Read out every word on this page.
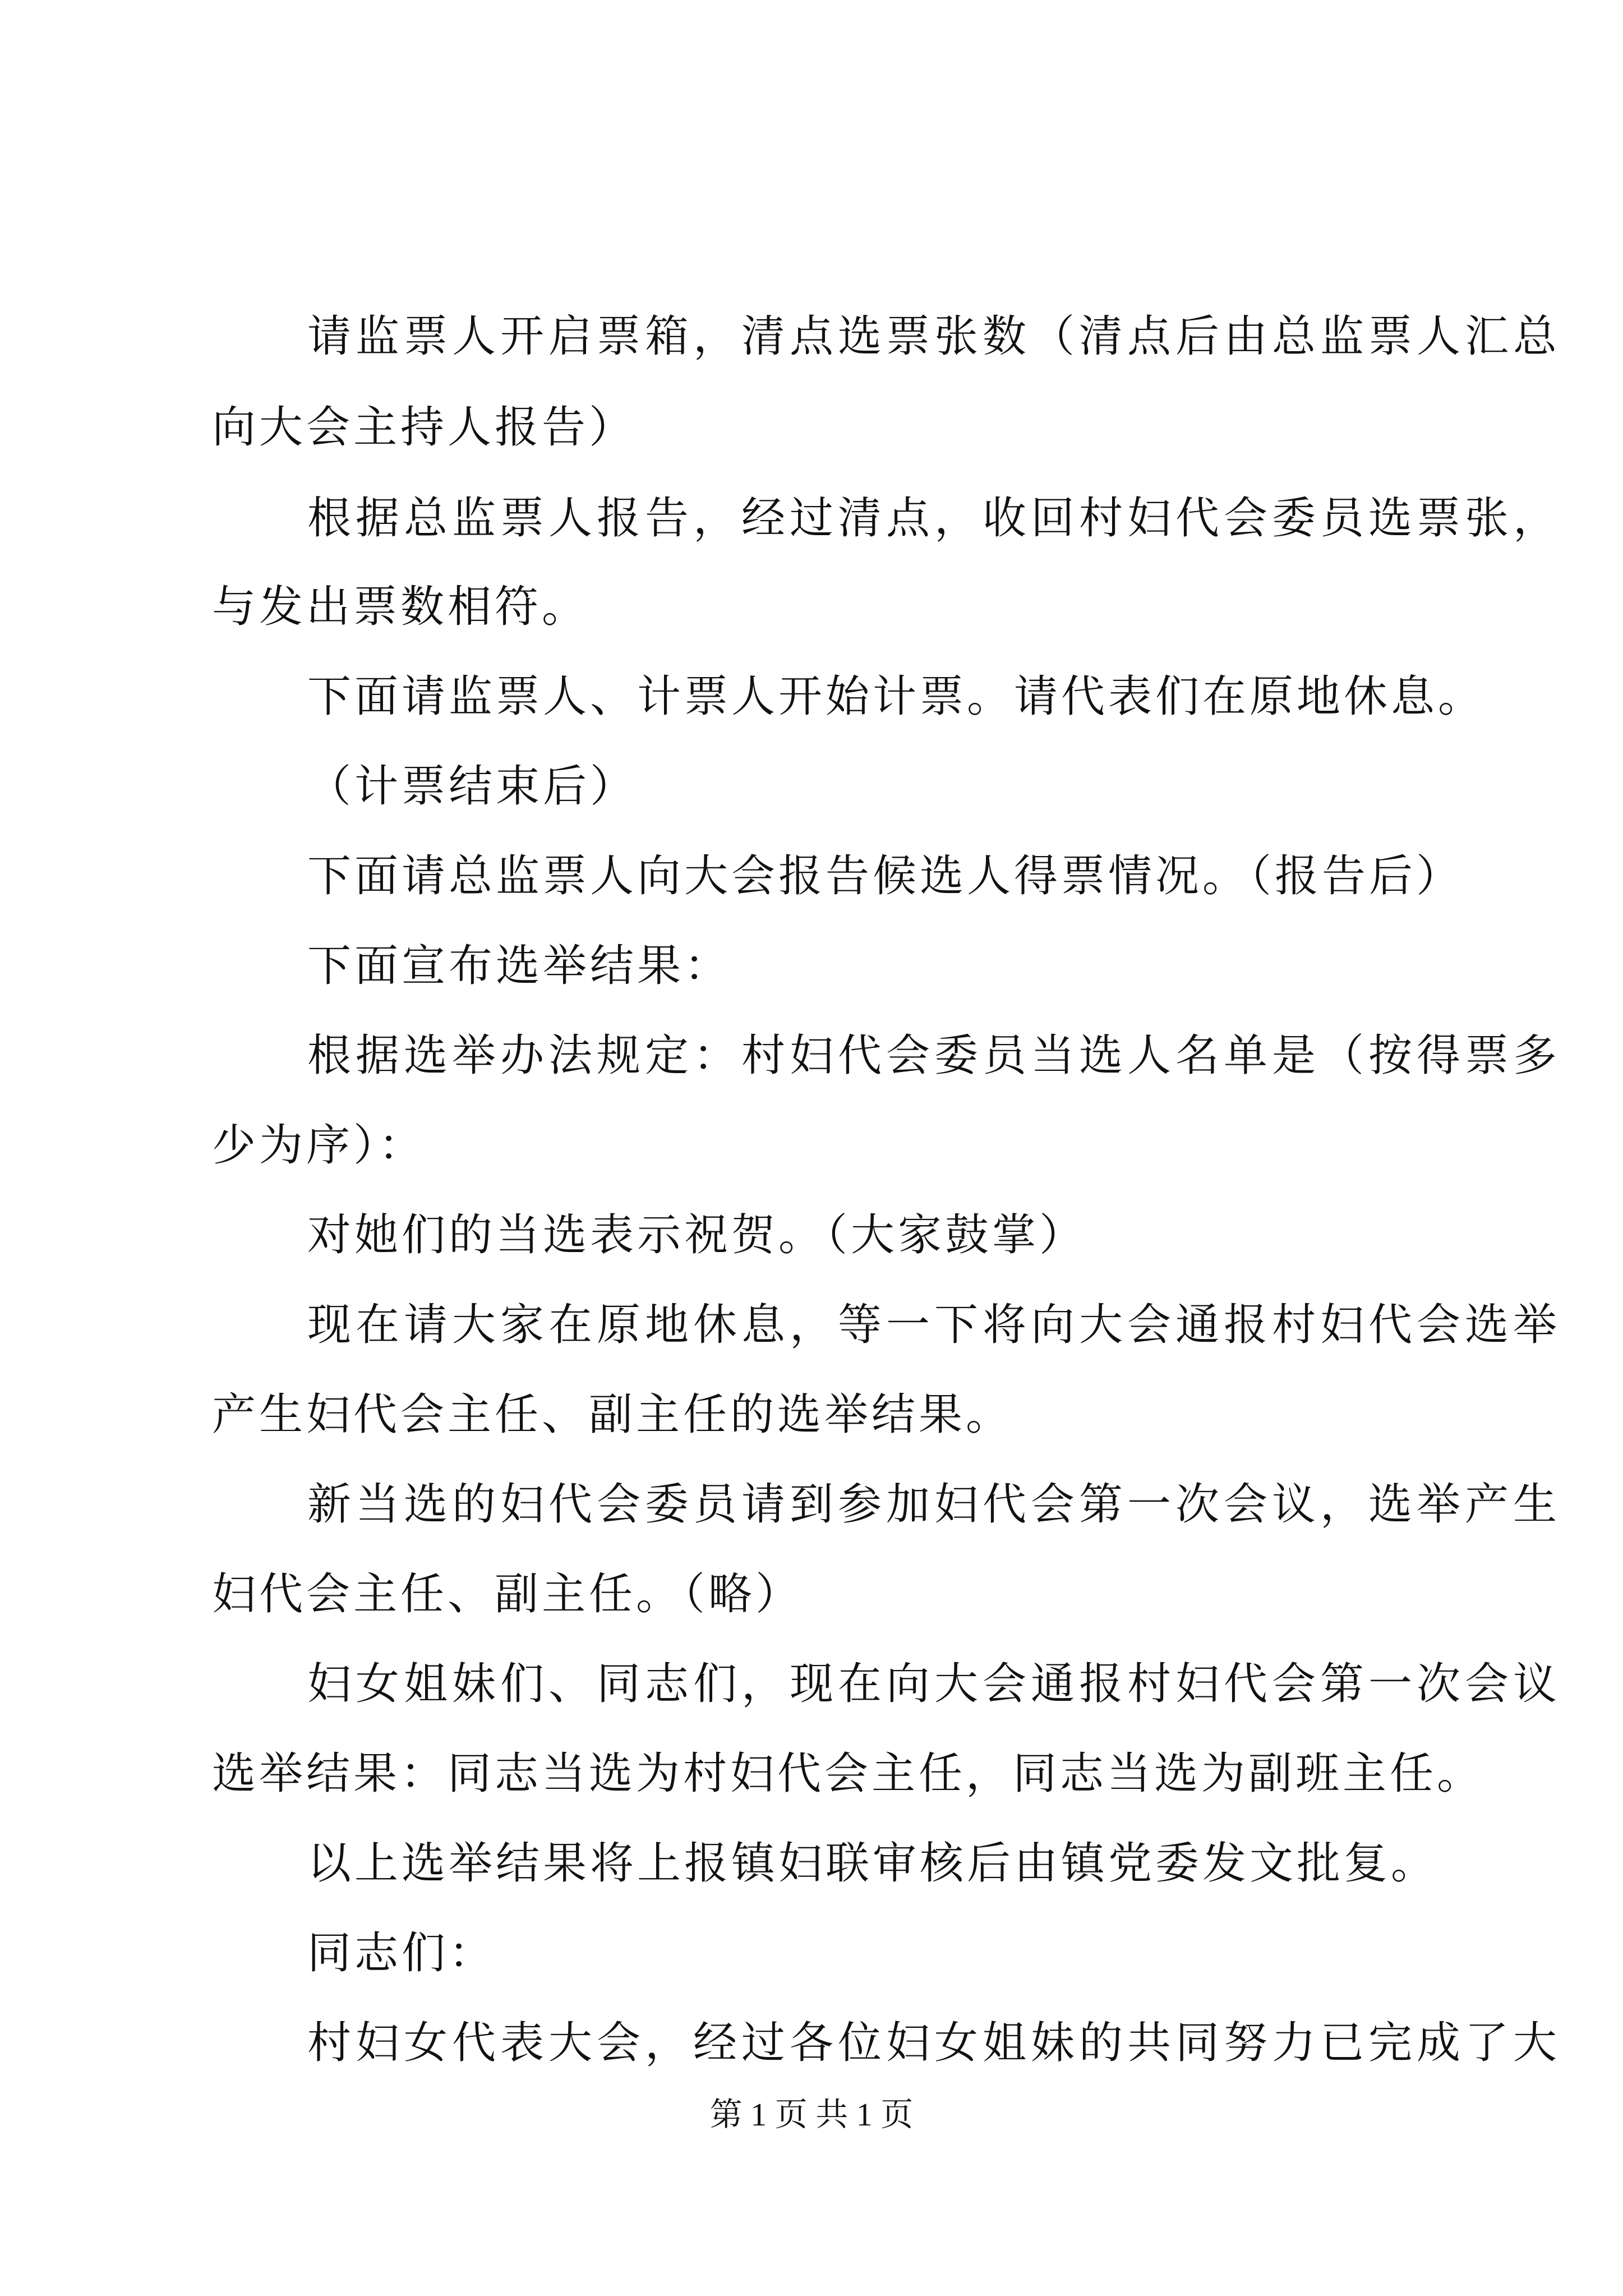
请监票人开启票箱，清点选票张数（清点后由总监票人汇总

向大会主持人报告）

根据总监票人报告，经过清点，收回村妇代会委员选票张，

与发出票数相符。

下面请监票人、计票人开始计票。请代表们在原地休息。

（计票结束后）

下面请总监票人向大会报告候选人得票情况。（报告后）

下面宣布选举结果：

根据选举办法规定：村妇代会委员当选人名单是（按得票多

少为序）：

对她们的当选表示祝贺。（大家鼓掌）

现在请大家在原地休息，等一下将向大会通报村妇代会选举

产生妇代会主任、副主任的选举结果。

新当选的妇代会委员请到参加妇代会第一次会议，选举产生

妇代会主任、副主任。（略）

妇女姐妹们、同志们，现在向大会通报村妇代会第一次会议

选举结果：同志当选为村妇代会主任，同志当选为副班主任。

以上选举结果将上报镇妇联审核后由镇党委发文批复。

同志们：

村妇女代表大会，经过各位妇女姐妹的共同努力已完成了大

第 1 页 共 1 页
